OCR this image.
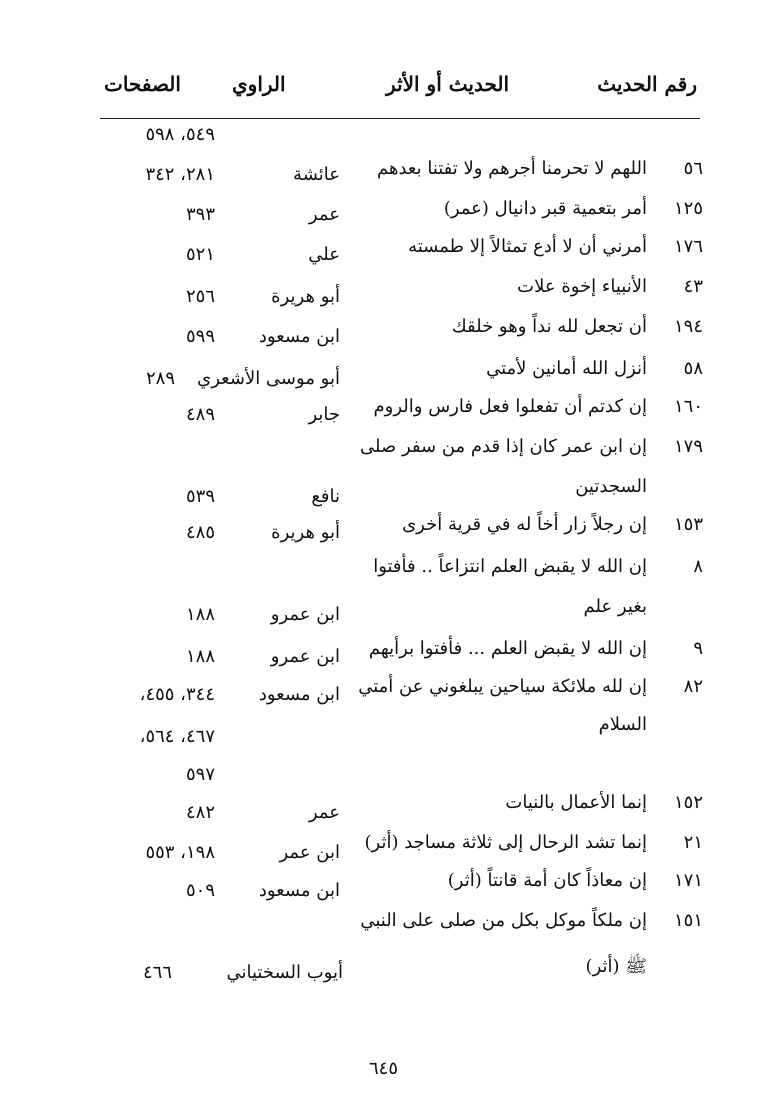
رقم الحديث
الحديث أو الأثر
الراوي
الصفحات
٥٤٩، ٥٩٨
٥٦
اللهم لا تحرمنا أجرهم ولا تفتنا بعدهم
عائشة
٢٨١، ٣٤٢
١٢٥
أمر بتعمية قبر دانيال (عمر)
عمر
٣٩٣
١٧٦
أمرني أن لا أدع تمثالاً إلا طمسته
علي
٥٢١
٤٣
الأنبياء إخوة علات
أبو هريرة
٢٥٦
١٩٤
أن تجعل لله نداً وهو خلقك
ابن مسعود
٥٩٩
٥٨
أنزل الله أمانين لأمتي
أبو موسى الأشعري
٢٨٩
١٦٠
إن كدتم أن تفعلوا فعل فارس والروم
جابر
٤٨٩
١٧٩
إن ابن عمر كان إذا قدم من سفر صلى
السجدتين
نافع
٥٣٩
١٥٣
إن رجلاً زار أخاً له في قرية أخرى
أبو هريرة
٤٨٥
٨
إن الله لا يقبض العلم انتزاعاً .. فأفتوا
بغير علم
ابن عمرو
١٨٨
٩
إن الله لا يقبض العلم ... فأفتوا برأيهم
ابن عمرو
١٨٨
٨٢
إن لله ملائكة سياحين يبلغوني عن أمتي
السلام
ابن مسعود
٣٤٤، ٤٥٥،
٤٦٧، ٥٦٤،
٥٩٧
١٥٢
إنما الأعمال بالنيات
عمر
٤٨٢
٢١
إنما تشد الرحال إلى ثلاثة مساجد (أثر)
ابن عمر
١٩٨، ٥٥٣
١٧١
إن معاذاً كان أمة قانتاً (أثر)
ابن مسعود
٥٠٩
١٥١
إن ملكاً موكل بكل من صلى على النبي
ﷺ (أثر)
أيوب السختياني
٤٦٦
٦٤٥
